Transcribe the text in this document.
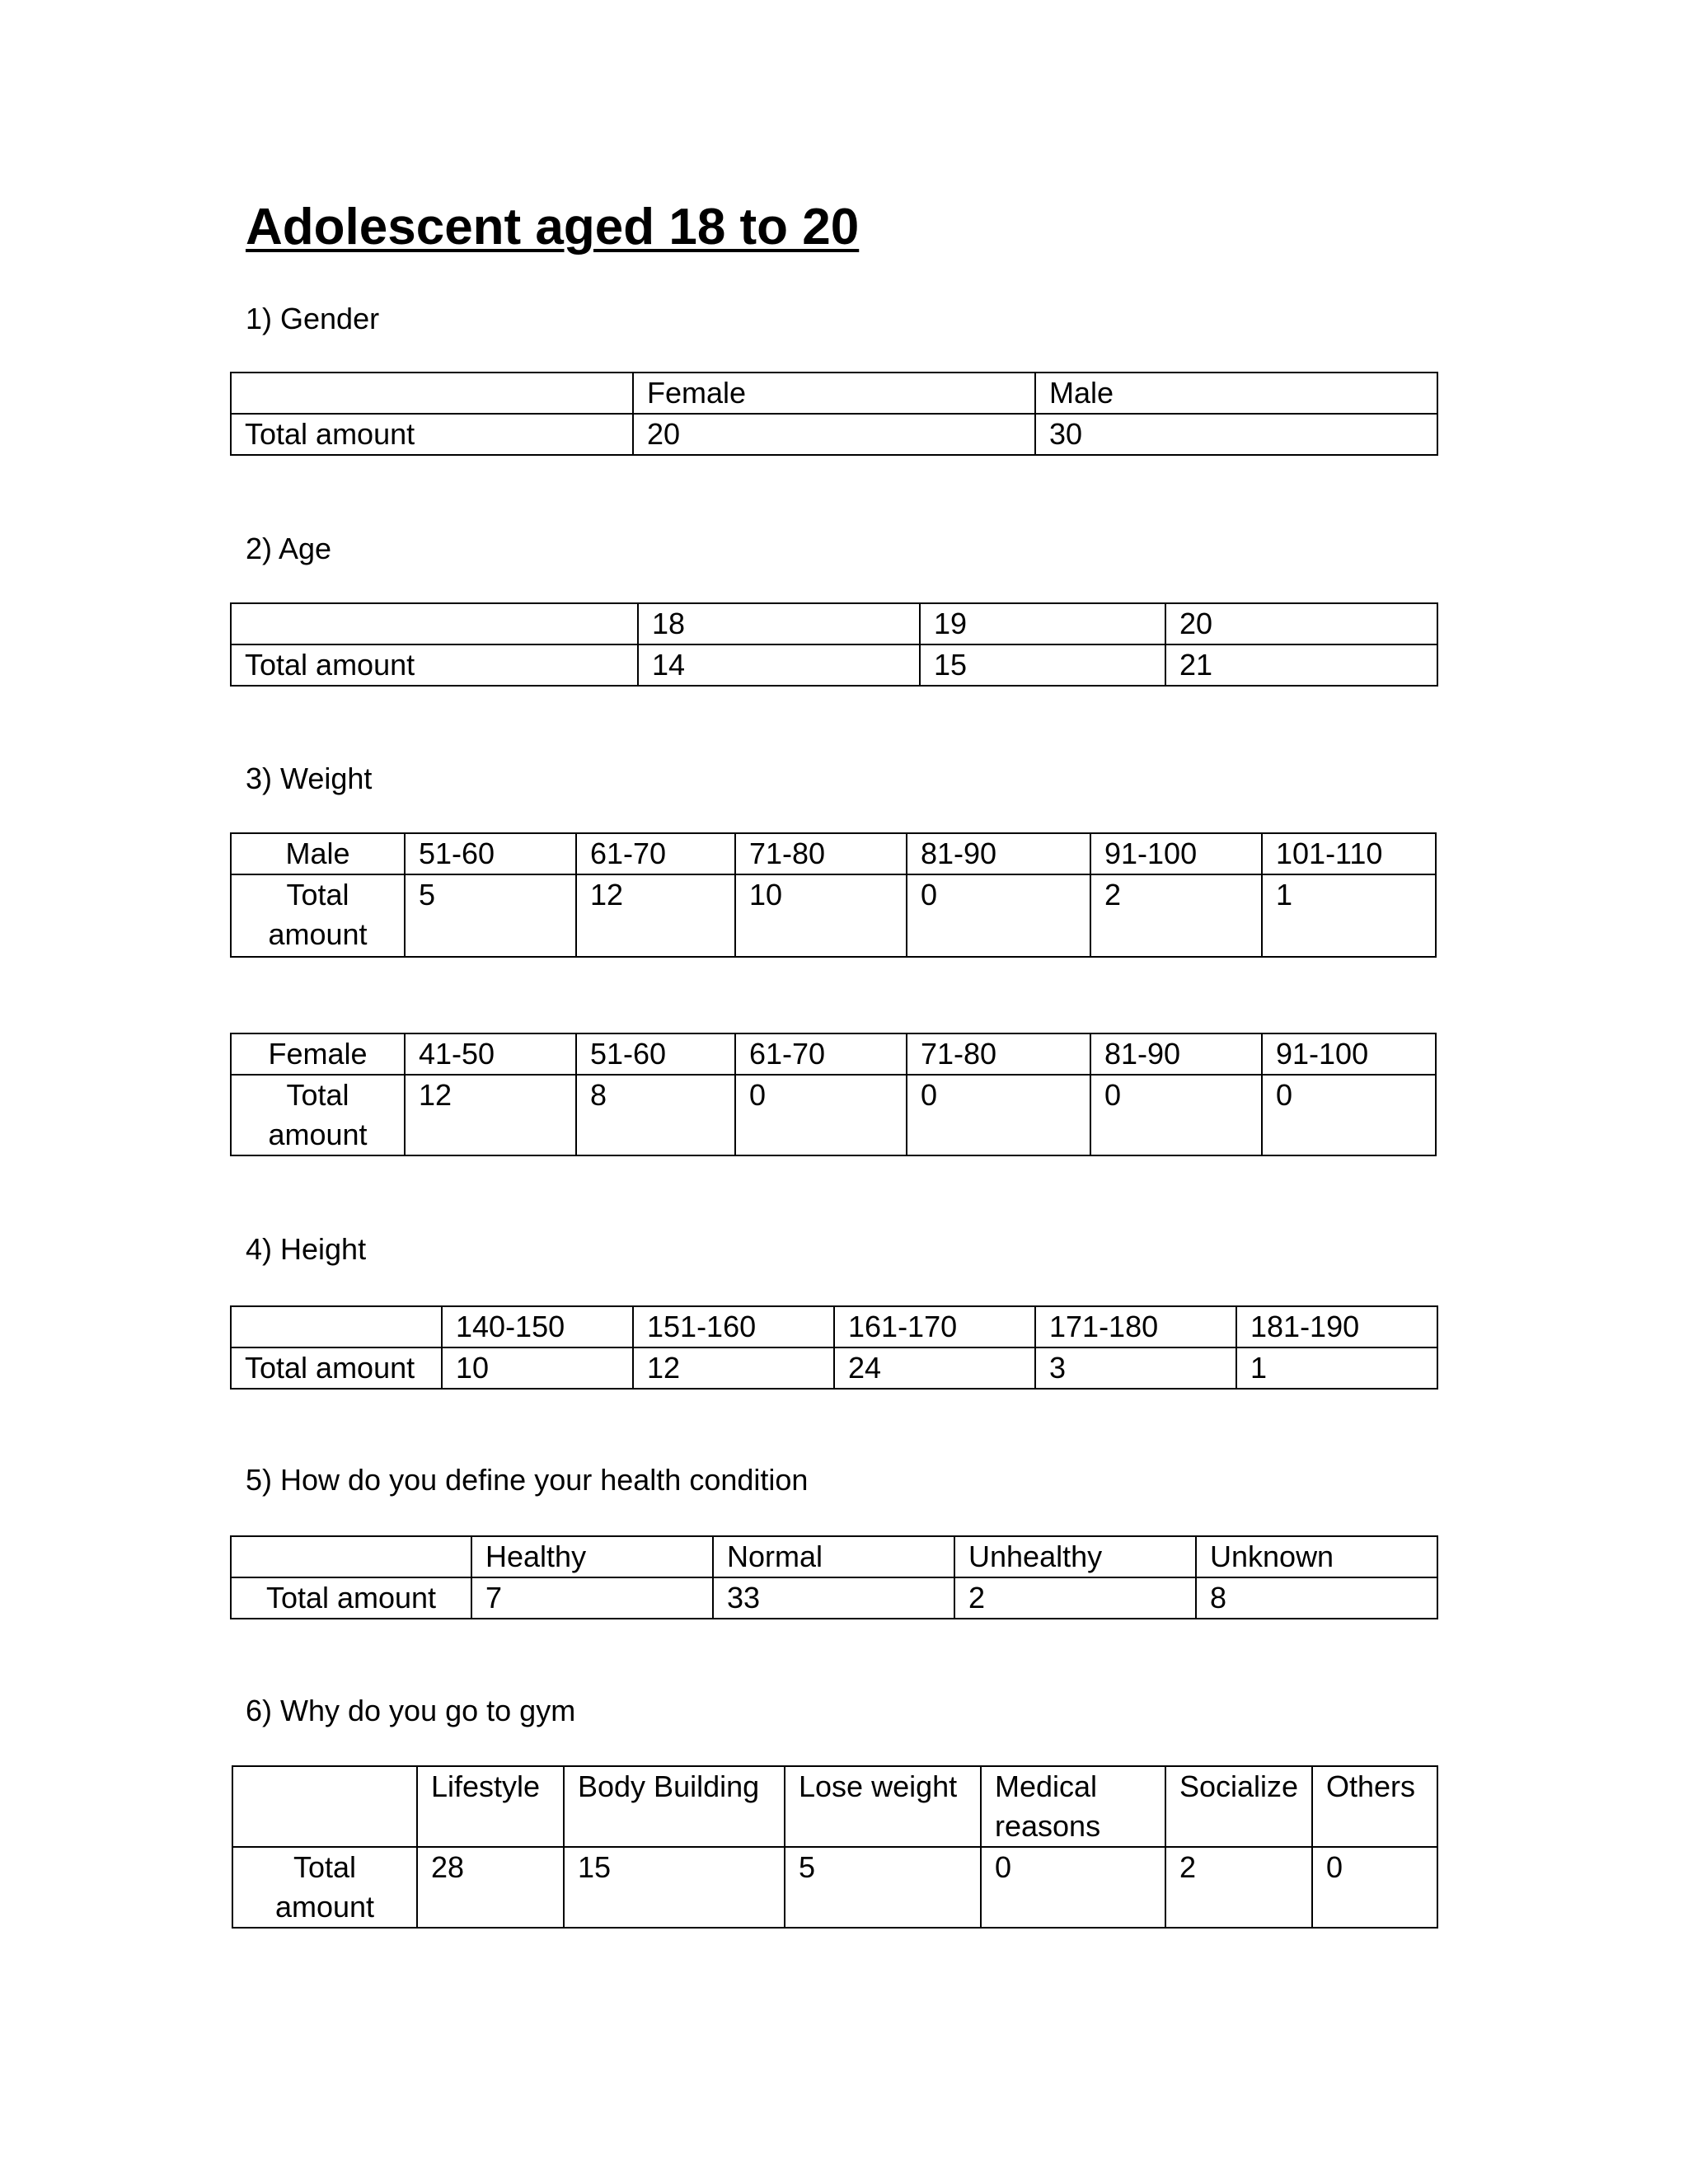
Adolescent aged 18 to 20
1) Gender
	Female	Male
Total amount	20	30
2) Age
	18	19	20
Total amount	14	15	21
3) Weight
Male	51-60	61-70	71-80	81-90	91-100	101-110
Total amount	5	12	10	0	2	1
Female	41-50	51-60	61-70	71-80	81-90	91-100
Total amount	12	8	0	0	0	0
4) Height
	140-150	151-160	161-170	171-180	181-190
Total amount	10	12	24	3	1
5) How do you define your health condition
	Healthy	Normal	Unhealthy	Unknown
Total amount	7	33	2	8
6) Why do you go to gym
	Lifestyle	Body Building	Lose weight	Medical reasons	Socialize	Others
Total amount	28	15	5	0	2	0
